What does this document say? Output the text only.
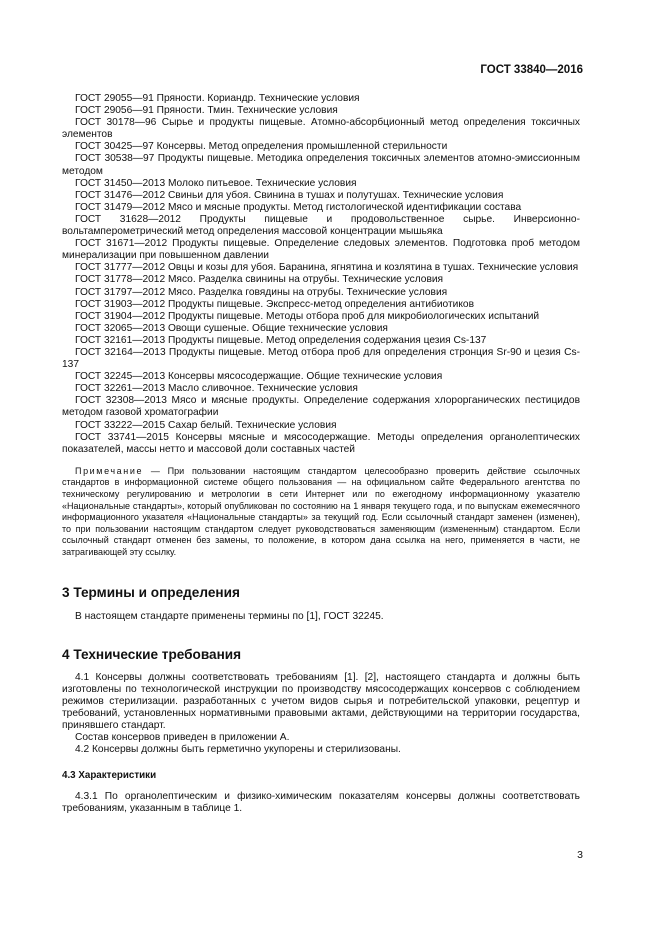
ГОСТ 33840—2016

ГОСТ 29055—91 Пряности. Кориандр. Технические условия

ГОСТ 29056—91 Пряности. Тмин. Технические условия

ГОСТ 30178—96 Сырье и продукты пищевые. Атомно-абсорбционный метод определения токсичных элементов

ГОСТ 30425—97 Консервы. Метод определения промышленной стерильности

ГОСТ 30538—97 Продукты пищевые. Методика определения токсичных элементов атомно-эмиссионным методом

ГОСТ 31450—2013 Молоко питьевое. Технические условия

ГОСТ 31476—2012 Свиньи для убоя. Свинина в тушах и полутушах. Технические условия

ГОСТ 31479—2012 Мясо и мясные продукты. Метод гистологической идентификации состава

ГОСТ 31628—2012 Продукты пищевые и продовольственное сырье. Инверсионно-вольтамперометрический метод определения массовой концентрации мышьяка

ГОСТ 31671—2012 Продукты пищевые. Определение следовых элементов. Подготовка проб методом минерализации при повышенном давлении

ГОСТ 31777—2012 Овцы и козы для убоя. Баранина, ягнятина и козлятина в тушах. Технические условия

ГОСТ 31778—2012 Мясо. Разделка свинины на отрубы. Технические условия

ГОСТ 31797—2012 Мясо. Разделка говядины на отрубы. Технические условия

ГОСТ 31903—2012 Продукты пищевые. Экспресс-метод определения антибиотиков

ГОСТ 31904—2012 Продукты пищевые. Методы отбора проб для микробиологических испытаний

ГОСТ 32065—2013 Овощи сушеные. Общие технические условия

ГОСТ 32161—2013 Продукты пищевые. Метод определения содержания цезия Cs-137

ГОСТ 32164—2013 Продукты пищевые. Метод отбора проб для определения стронция Sr-90 и цезия Cs-137

ГОСТ 32245—2013 Консервы мясосодержащие. Общие технические условия

ГОСТ 32261—2013 Масло сливочное. Технические условия

ГОСТ 32308—2013 Мясо и мясные продукты. Определение содержания хлорорганических пестицидов методом газовой хроматографии

ГОСТ 33222—2015 Сахар белый. Технические условия

ГОСТ 33741—2015 Консервы мясные и мясосодержащие. Методы определения органолептических показателей, массы нетто и массовой доли составных частей

Примечание — При пользовании настоящим стандартом целесообразно проверить действие ссылочных стандартов в информационной системе общего пользования — на официальном сайте Федерального агентства по техническому регулированию и метрологии в сети Интернет или по ежегодному информационному указателю «Национальные стандарты», который опубликован по состоянию на 1 января текущего года, и по выпускам ежемесячного информационного указателя «Национальные стандарты» за текущий год. Если ссылочный стандарт заменен (изменен), то при пользовании настоящим стандартом следует руководствоваться заменяющим (измененным) стандартом. Если ссылочный стандарт отменен без замены, то положение, в котором дана ссылка на него, применяется в части, не затрагивающей эту ссылку.

3 Термины и определения

В настоящем стандарте применены термины по [1], ГОСТ 32245.

4 Технические требования

4.1 Консервы должны соответствовать требованиям [1]. [2], настоящего стандарта и должны быть изготовлены по технологической инструкции по производству мясосодержащих консервов с соблюдением режимов стерилизации. разработанных с учетом видов сырья и потребительской упаковки, рецептур и требований, установленных нормативными правовыми актами, действующими на территории государства, принявшего стандарт.

Состав консервов приведен в приложении А.

4.2 Консервы должны быть герметично укупорены и стерилизованы.

4.3 Характеристики

4.3.1 По органолептическим и физико-химическим показателям консервы должны соответствовать требованиям, указанным в таблице 1.

3
